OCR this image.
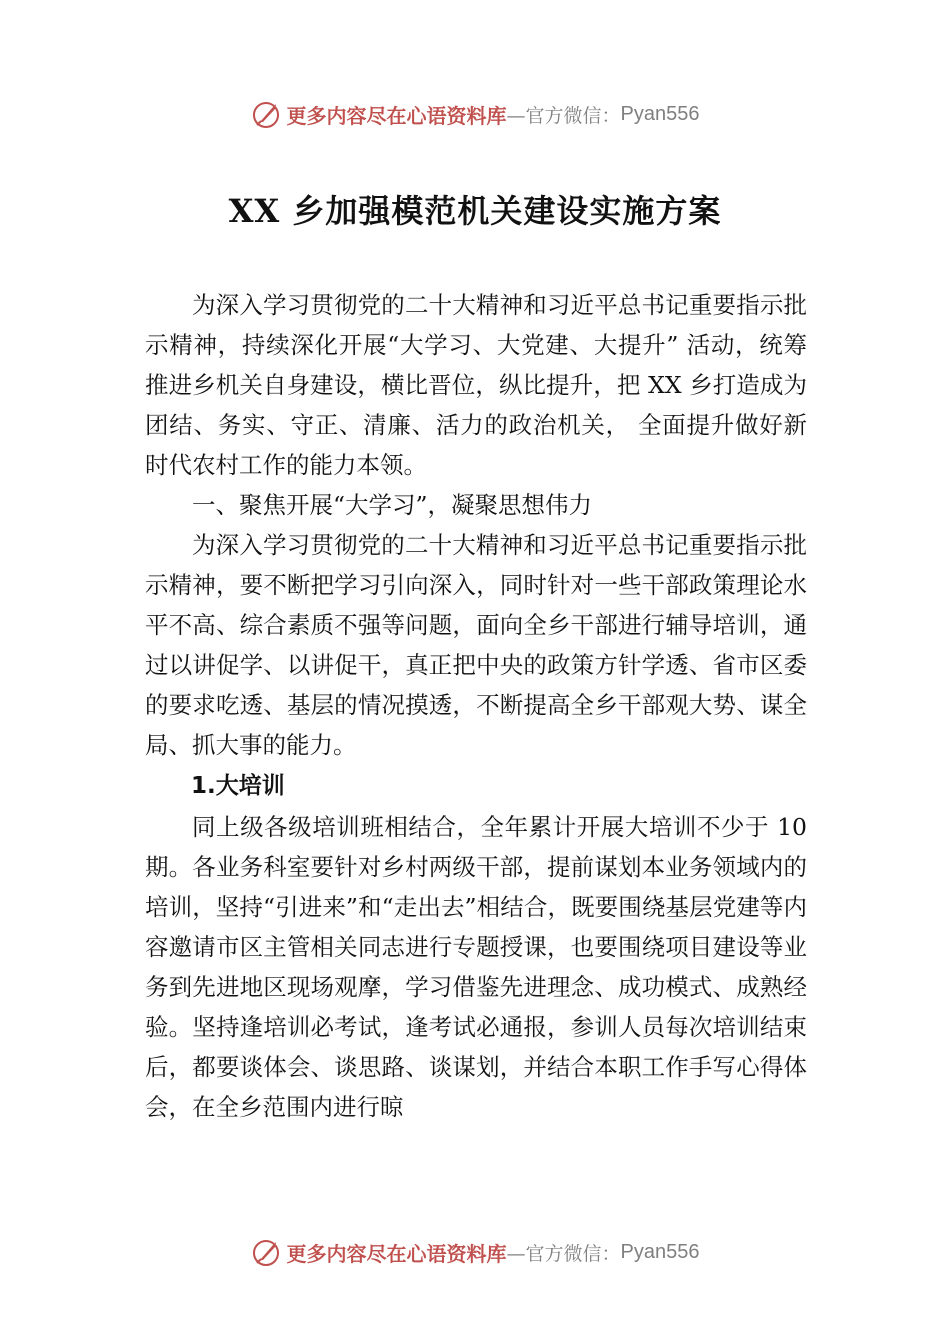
更多内容尽在心语资料库 —官方微信： Pyan556
XX 乡加强模范机关建设实施方案

为深入学习贯彻党的二十大精神和习近平总书记重要指示批示精神，持续深化开展“大学习、大党建、大提升” 活动，统筹推进乡机关自身建设，横比晋位，纵比提升，把 XX 乡打造成为团结、务实、守正、清廉、活力的政治机关， 全面提升做好新时代农村工作的能力本领。

一、聚焦开展“大学习”，凝聚思想伟力

为深入学习贯彻党的二十大精神和习近平总书记重要指示批示精神，要不断把学习引向深入，同时针对一些干部政策理论水平不高、综合素质不强等问题，面向全乡干部进行辅导培训，通过以讲促学、以讲促干，真正把中央的政策方针学透、省市区委的要求吃透、基层的情况摸透，不断提高全乡干部观大势、谋全局、抓大事的能力。

1.大培训

同上级各级培训班相结合，全年累计开展大培训不少于 10 期。各业务科室要针对乡村两级干部，提前谋划本业务领域内的培训，坚持“引进来”和“走出去”相结合，既要围绕基层党建等内容邀请市区主管相关同志进行专题授课，也要围绕项目建设等业务到先进地区现场观摩，学习借鉴先进理念、成功模式、成熟经验。坚持逢培训必考试，逢考试必通报，参训人员每次培训结束后，都要谈体会、谈思路、谈谋划，并结合本职工作手写心得体会，在全乡范围内进行晾

更多内容尽在心语资料库 —官方微信： Pyan556
